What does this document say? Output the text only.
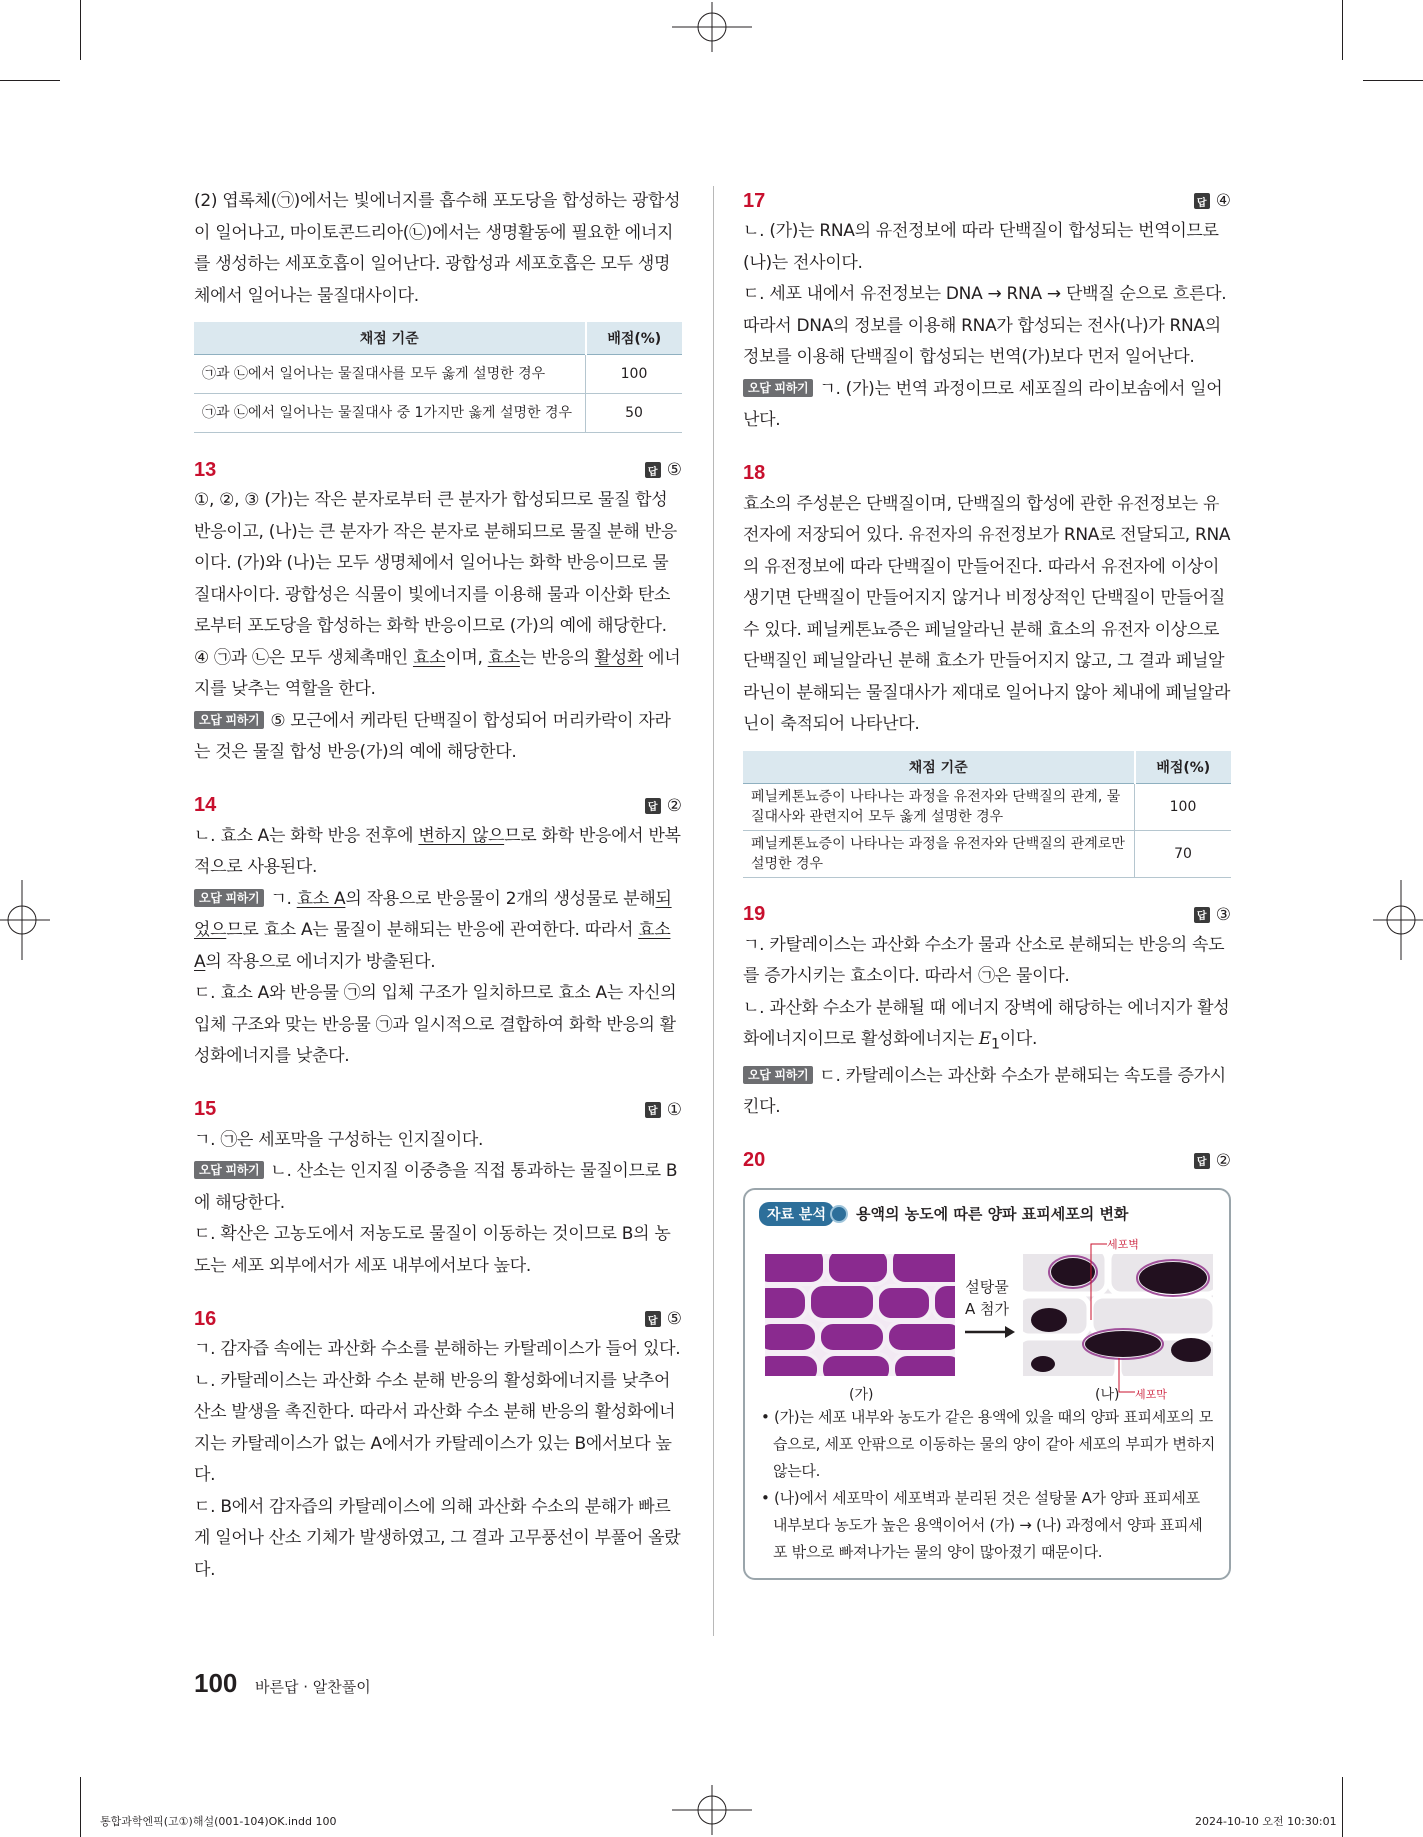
(2) 엽록체(㉠)에서는 빛에너지를 흡수해 포도당을 합성하는 광합성이 일어나고, 마이토콘드리아(㉡)에서는 생명활동에 필요한 에너지를 생성하는 세포호흡이 일어난다. 광합성과 세포호흡은 모두 생명체에서 일어나는 물질대사이다.

채점 기준	배점(%)
㉠과 ㉡에서 일어나는 물질대사를 모두 옳게 설명한 경우	100
㉠과 ㉡에서 일어나는 물질대사 중 1가지만 옳게 설명한 경우	50
13	답 ⑤

①, ②, ③ (가)는 작은 분자로부터 큰 분자가 합성되므로 물질 합성 반응이고, (나)는 큰 분자가 작은 분자로 분해되므로 물질 분해 반응이다. (가)와 (나)는 모두 생명체에서 일어나는 화학 반응이므로 물질대사이다. 광합성은 식물이 빛에너지를 이용해 물과 이산화 탄소로부터 포도당을 합성하는 화학 반응이므로 (가)의 예에 해당한다.

④ ㉠과 ㉡은 모두 생체촉매인 효소이며, 효소는 반응의 활성화 에너지를 낮추는 역할을 한다.

오답 피하기 ⑤ 모근에서 케라틴 단백질이 합성되어 머리카락이 자라는 것은 물질 합성 반응(가)의 예에 해당한다.

14	답 ②

ㄴ. 효소 A는 화학 반응 전후에 변하지 않으므로 화학 반응에서 반복적으로 사용된다.

오답 피하기 ㄱ. 효소 A의 작용으로 반응물이 2개의 생성물로 분해되었으므로 효소 A는 물질이 분해되는 반응에 관여한다. 따라서 효소 A의 작용으로 에너지가 방출된다.

ㄷ. 효소 A와 반응물 ㉠의 입체 구조가 일치하므로 효소 A는 자신의 입체 구조와 맞는 반응물 ㉠과 일시적으로 결합하여 화학 반응의 활성화에너지를 낮춘다.

15	답 ①

ㄱ. ㉠은 세포막을 구성하는 인지질이다.

오답 피하기 ㄴ. 산소는 인지질 이중층을 직접 통과하는 물질이므로 B에 해당한다.

ㄷ. 확산은 고농도에서 저농도로 물질이 이동하는 것이므로 B의 농도는 세포 외부에서가 세포 내부에서보다 높다.

16	답 ⑤

ㄱ. 감자즙 속에는 과산화 수소를 분해하는 카탈레이스가 들어 있다.

ㄴ. 카탈레이스는 과산화 수소 분해 반응의 활성화에너지를 낮추어 산소 발생을 촉진한다. 따라서 과산화 수소 분해 반응의 활성화에너지는 카탈레이스가 없는 A에서가 카탈레이스가 있는 B에서보다 높다.

ㄷ. B에서 감자즙의 카탈레이스에 의해 과산화 수소의 분해가 빠르게 일어나 산소 기체가 발생하였고, 그 결과 고무풍선이 부풀어 올랐다.

17	답 ④

ㄴ. (가)는 RNA의 유전정보에 따라 단백질이 합성되는 번역이므로 (나)는 전사이다.

ㄷ. 세포 내에서 유전정보는 DNA → RNA → 단백질 순으로 흐른다. 따라서 DNA의 정보를 이용해 RNA가 합성되는 전사(나)가 RNA의 정보를 이용해 단백질이 합성되는 번역(가)보다 먼저 일어난다.

오답 피하기 ㄱ. (가)는 번역 과정이므로 세포질의 라이보솜에서 일어난다.

18

효소의 주성분은 단백질이며, 단백질의 합성에 관한 유전정보는 유전자에 저장되어 있다. 유전자의 유전정보가 RNA로 전달되고, RNA의 유전정보에 따라 단백질이 만들어진다. 따라서 유전자에 이상이 생기면 단백질이 만들어지지 않거나 비정상적인 단백질이 만들어질 수 있다. 페닐케톤뇨증은 페닐알라닌 분해 효소의 유전자 이상으로 단백질인 페닐알라닌 분해 효소가 만들어지지 않고, 그 결과 페닐알라닌이 분해되는 물질대사가 제대로 일어나지 않아 체내에 페닐알라닌이 축적되어 나타난다.

채점 기준	배점(%)
페닐케톤뇨증이 나타나는 과정을 유전자와 단백질의 관계, 물질대사와 관련지어 모두 옳게 설명한 경우	100
페닐케톤뇨증이 나타나는 과정을 유전자와 단백질의 관계로만 설명한 경우	70
19	답 ③

ㄱ. 카탈레이스는 과산화 수소가 물과 산소로 분해되는 반응의 속도를 증가시키는 효소이다. 따라서 ㉠은 물이다.

ㄴ. 과산화 수소가 분해될 때 에너지 장벽에 해당하는 에너지가 활성화에너지이므로 활성화에너지는 $E_1$이다.

오답 피하기 ㄷ. 카탈레이스는 과산화 수소가 분해되는 속도를 증가시킨다.

20	답 ②
자료 분석	용액의 농도에 따른 양파 표피세포의 변화
설탕물
A 첨가
세포벽
세포막
(가)	(나)

• (가)는 세포 내부와 농도가 같은 용액에 있을 때의 양파 표피세포의 모습으로, 세포 안팎으로 이동하는 물의 양이 같아 세포의 부피가 변하지 않는다.

• (나)에서 세포막이 세포벽과 분리된 것은 설탕물 A가 양파 표피세포 내부보다 농도가 높은 용액이어서 (가) → (나) 과정에서 양파 표피세포 밖으로 빠져나가는 물의 양이 많아졌기 때문이다.

100 바른답 · 알찬풀이
통합과학엔픽(고①)해설(001-104)OK.indd 100	2024-10-10 오전 10:30:01
